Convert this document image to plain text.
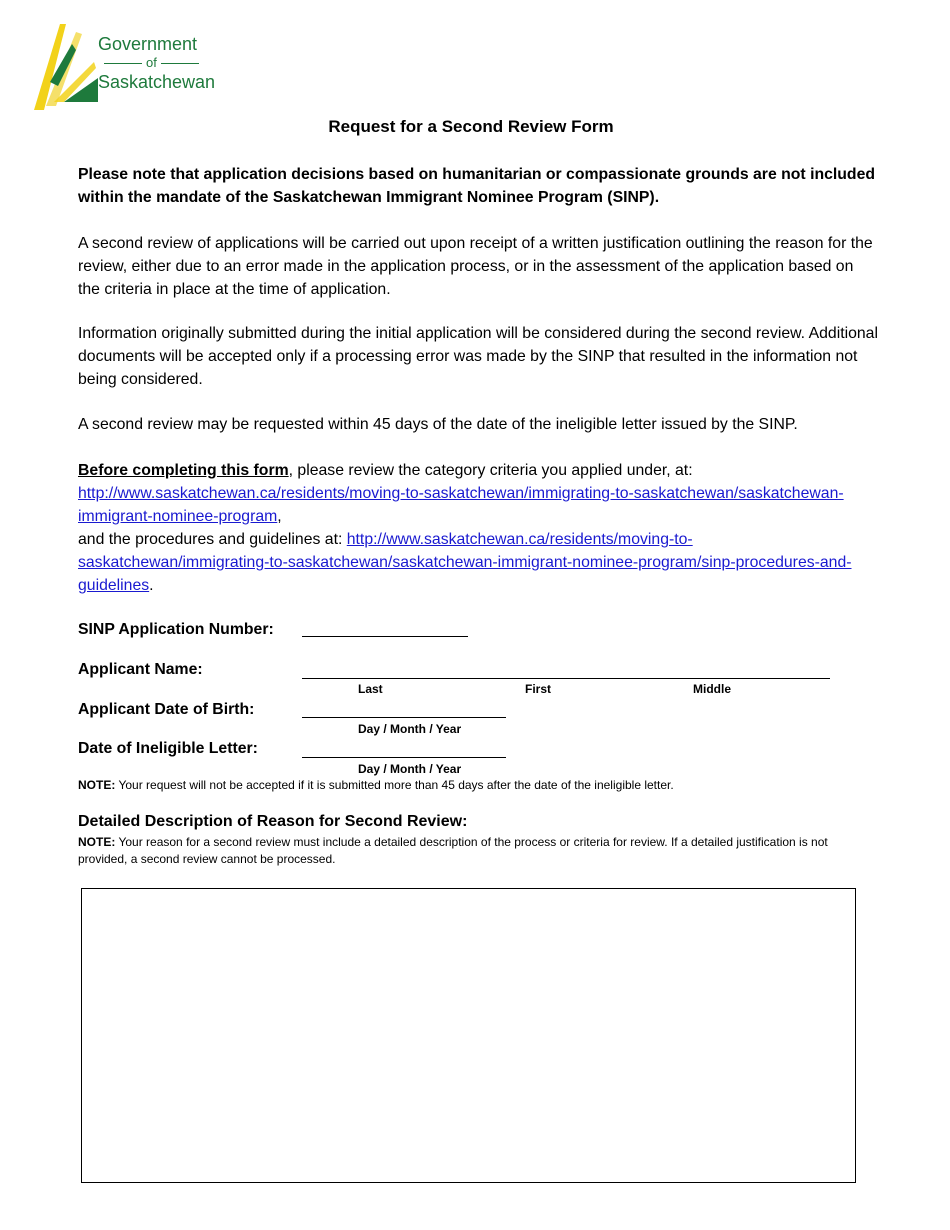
Government
of
Saskatchewan
Request for a Second Review Form
Please note that application decisions based on humanitarian or compassionate grounds are not included within the mandate of the Saskatchewan Immigrant Nominee Program (SINP).
A second review of applications will be carried out upon receipt of a written justification outlining the reason for the review, either due to an error made in the application process, or in the assessment of the application based on the criteria in place at the time of application.
Information originally submitted during the initial application will be considered during the second review. Additional documents will be accepted only if a processing error was made by the SINP that resulted in the information not being considered.
A second review may be requested within 45 days of the date of the ineligible letter issued by the SINP.
Before completing this form, please review the category criteria you applied under, at:
http://www.saskatchewan.ca/residents/moving-to-saskatchewan/immigrating-to-saskatchewan/saskatchewan-immigrant-nominee-program,
and the procedures and guidelines at: http://www.saskatchewan.ca/residents/moving-to-saskatchewan/immigrating-to-saskatchewan/saskatchewan-immigrant-nominee-program/sinp-procedures-and-guidelines.
SINP Application Number:
Applicant Name:
Last	First	Middle
Applicant Date of Birth:
Day / Month / Year
Date of Ineligible Letter:
Day / Month / Year
NOTE: Your request will not be accepted if it is submitted more than 45 days after the date of the ineligible letter.
Detailed Description of Reason for Second Review:
NOTE: Your reason for a second review must include a detailed description of the process or criteria for review. If a detailed justification is not provided, a second review cannot be processed.
